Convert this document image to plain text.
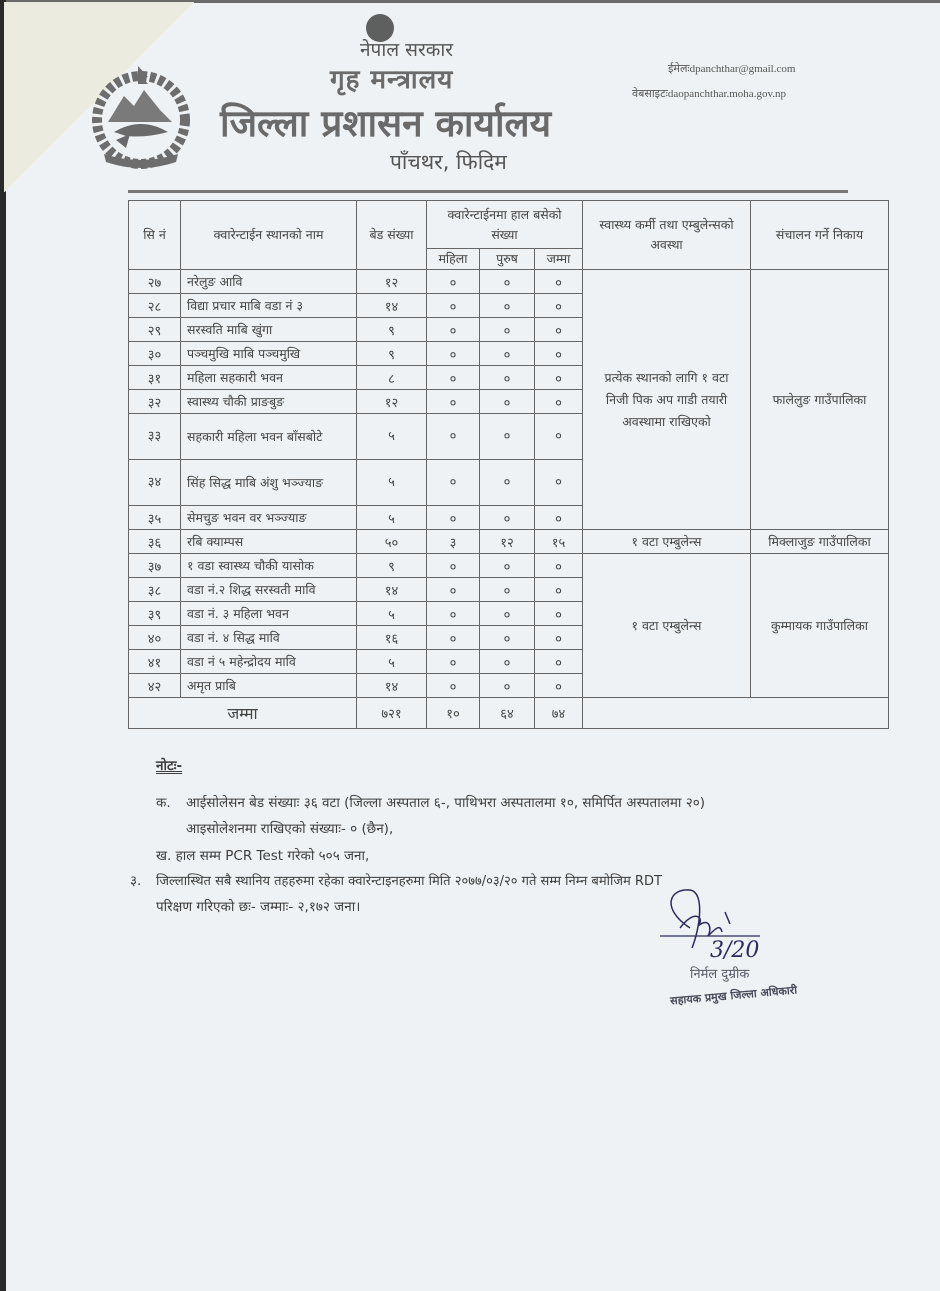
नेपाल सरकार
गृह मन्त्रालय
जिल्ला प्रशासन कार्यालय
पाँचथर, फिदिम
ईमेलःdpanchthar@gmail.com
वेबसाइटःdaopanchthar.moha.gov.np
सि नं	क्वारेन्टाईन स्थानको नाम	बेड संख्या	क्वारेन्टाईनमा हाल बसेको संख्या			स्वास्थ्य कर्मी तथा एम्बुलेन्सको अवस्था	संचालन गर्ने निकाय
			महिला	पुरुष	जम्मा		
२७	नरेलुङ आवि	१२	०	०	०	प्रत्येक स्थानको लागि १ वटा निजी पिक अप गाडी तयारी अवस्थामा राखिएको	फालेलुङ गाउँपालिका
२८	विद्या प्रचार माबि वडा नं ३	१४	०	०	०		
२९	सरस्वति माबि खुंगा	९	०	०	०		
३०	पञ्चमुखि माबि पञ्चमुखि	९	०	०	०		
३१	महिला सहकारी भवन	८	०	०	०		
३२	स्वास्थ्य चौकी प्राङबुङ	१२	०	०	०		
३३	सहकारी महिला भवन बाँसबोटे	५	०	०	०		
३४	सिंह सिद्ध माबि अंशु भञ्ज्याङ	५	०	०	०		
३५	सेमचुङ भवन वर भञ्ज्याङ	५	०	०	०		
३६	रबि क्याम्पस	५०	३	१२	१५	१ वटा एम्बुलेन्स	मिक्लाजुङ गाउँपालिका
३७	१ वडा स्वास्थ्य चौकी यासोक	९	०	०	०	१ वटा एम्बुलेन्स	कुम्मायक गाउँपालिका
३८	वडा नं.२ शिद्ध सरस्वती मावि	१४	०	०	०		
३९	वडा नं. ३ महिला भवन	५	०	०	०		
४०	वडा नं. ४ सिद्ध मावि	१६	०	०	०		
४१	वडा नं ५ महेन्द्रोदय मावि	५	०	०	०		
४२	अमृत प्राबि	१४	०	०	०		
जम्मा		७२१	१०	६४	७४		
नोटः-
क. आईसोलेसन बेड संख्याः ३६ वटा (जिल्ला अस्पताल ६-, पाथिभरा अस्पतालमा १०, समिर्पित अस्पतालमा २०)
आइसोलेशनमा राखिएको संख्याः- ० (छैन),
ख. हाल सम्म PCR Test गरेको ५०५ जना,
३. जिल्लास्थित सबै स्थानिय तहहरुमा रहेका क्वारेन्टाइनहरुमा मिति २०७७/०३/२० गते सम्म निम्न बमोजिम RDT
परिक्षण गरिएको छः- जम्माः- २,१७२ जना।
3/20
निर्मल दुम्रीक
सहायक प्रमुख जिल्ला अधिकारी
